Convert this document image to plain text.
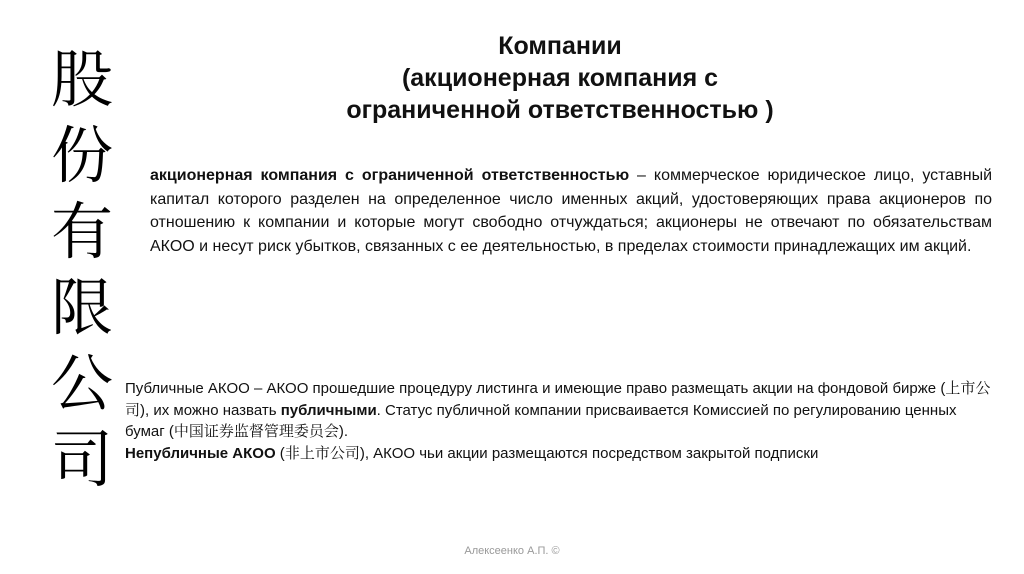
股
份
有
限
公
司
Компании
(акционерная компания с
ограниченной ответственностью )
акционерная компания с ограниченной ответственностью – коммерческое юридическое лицо, уставный капитал которого разделен на определенное число именных акций, удостоверяющих права акционеров по отношению к компании и которые могут свободно отчуждаться; акционеры не отвечают по обязательствам АКОО и несут риск убытков, связанных с ее деятельностью, в пределах стоимости принадлежащих им акций.
Публичные АКОО – АКОО прошедшие процедуру листинга и имеющие право размещать акции на фондовой бирже (上市公司), их можно назвать публичными. Статус публичной компании присваивается Комиссией по регулированию ценных бумаг (中国证券监督管理委员会).
Непубличные АКОО (非上市公司), АКОО чьи акции размещаются посредством закрытой подписки
Алексеенко А.П. ©
